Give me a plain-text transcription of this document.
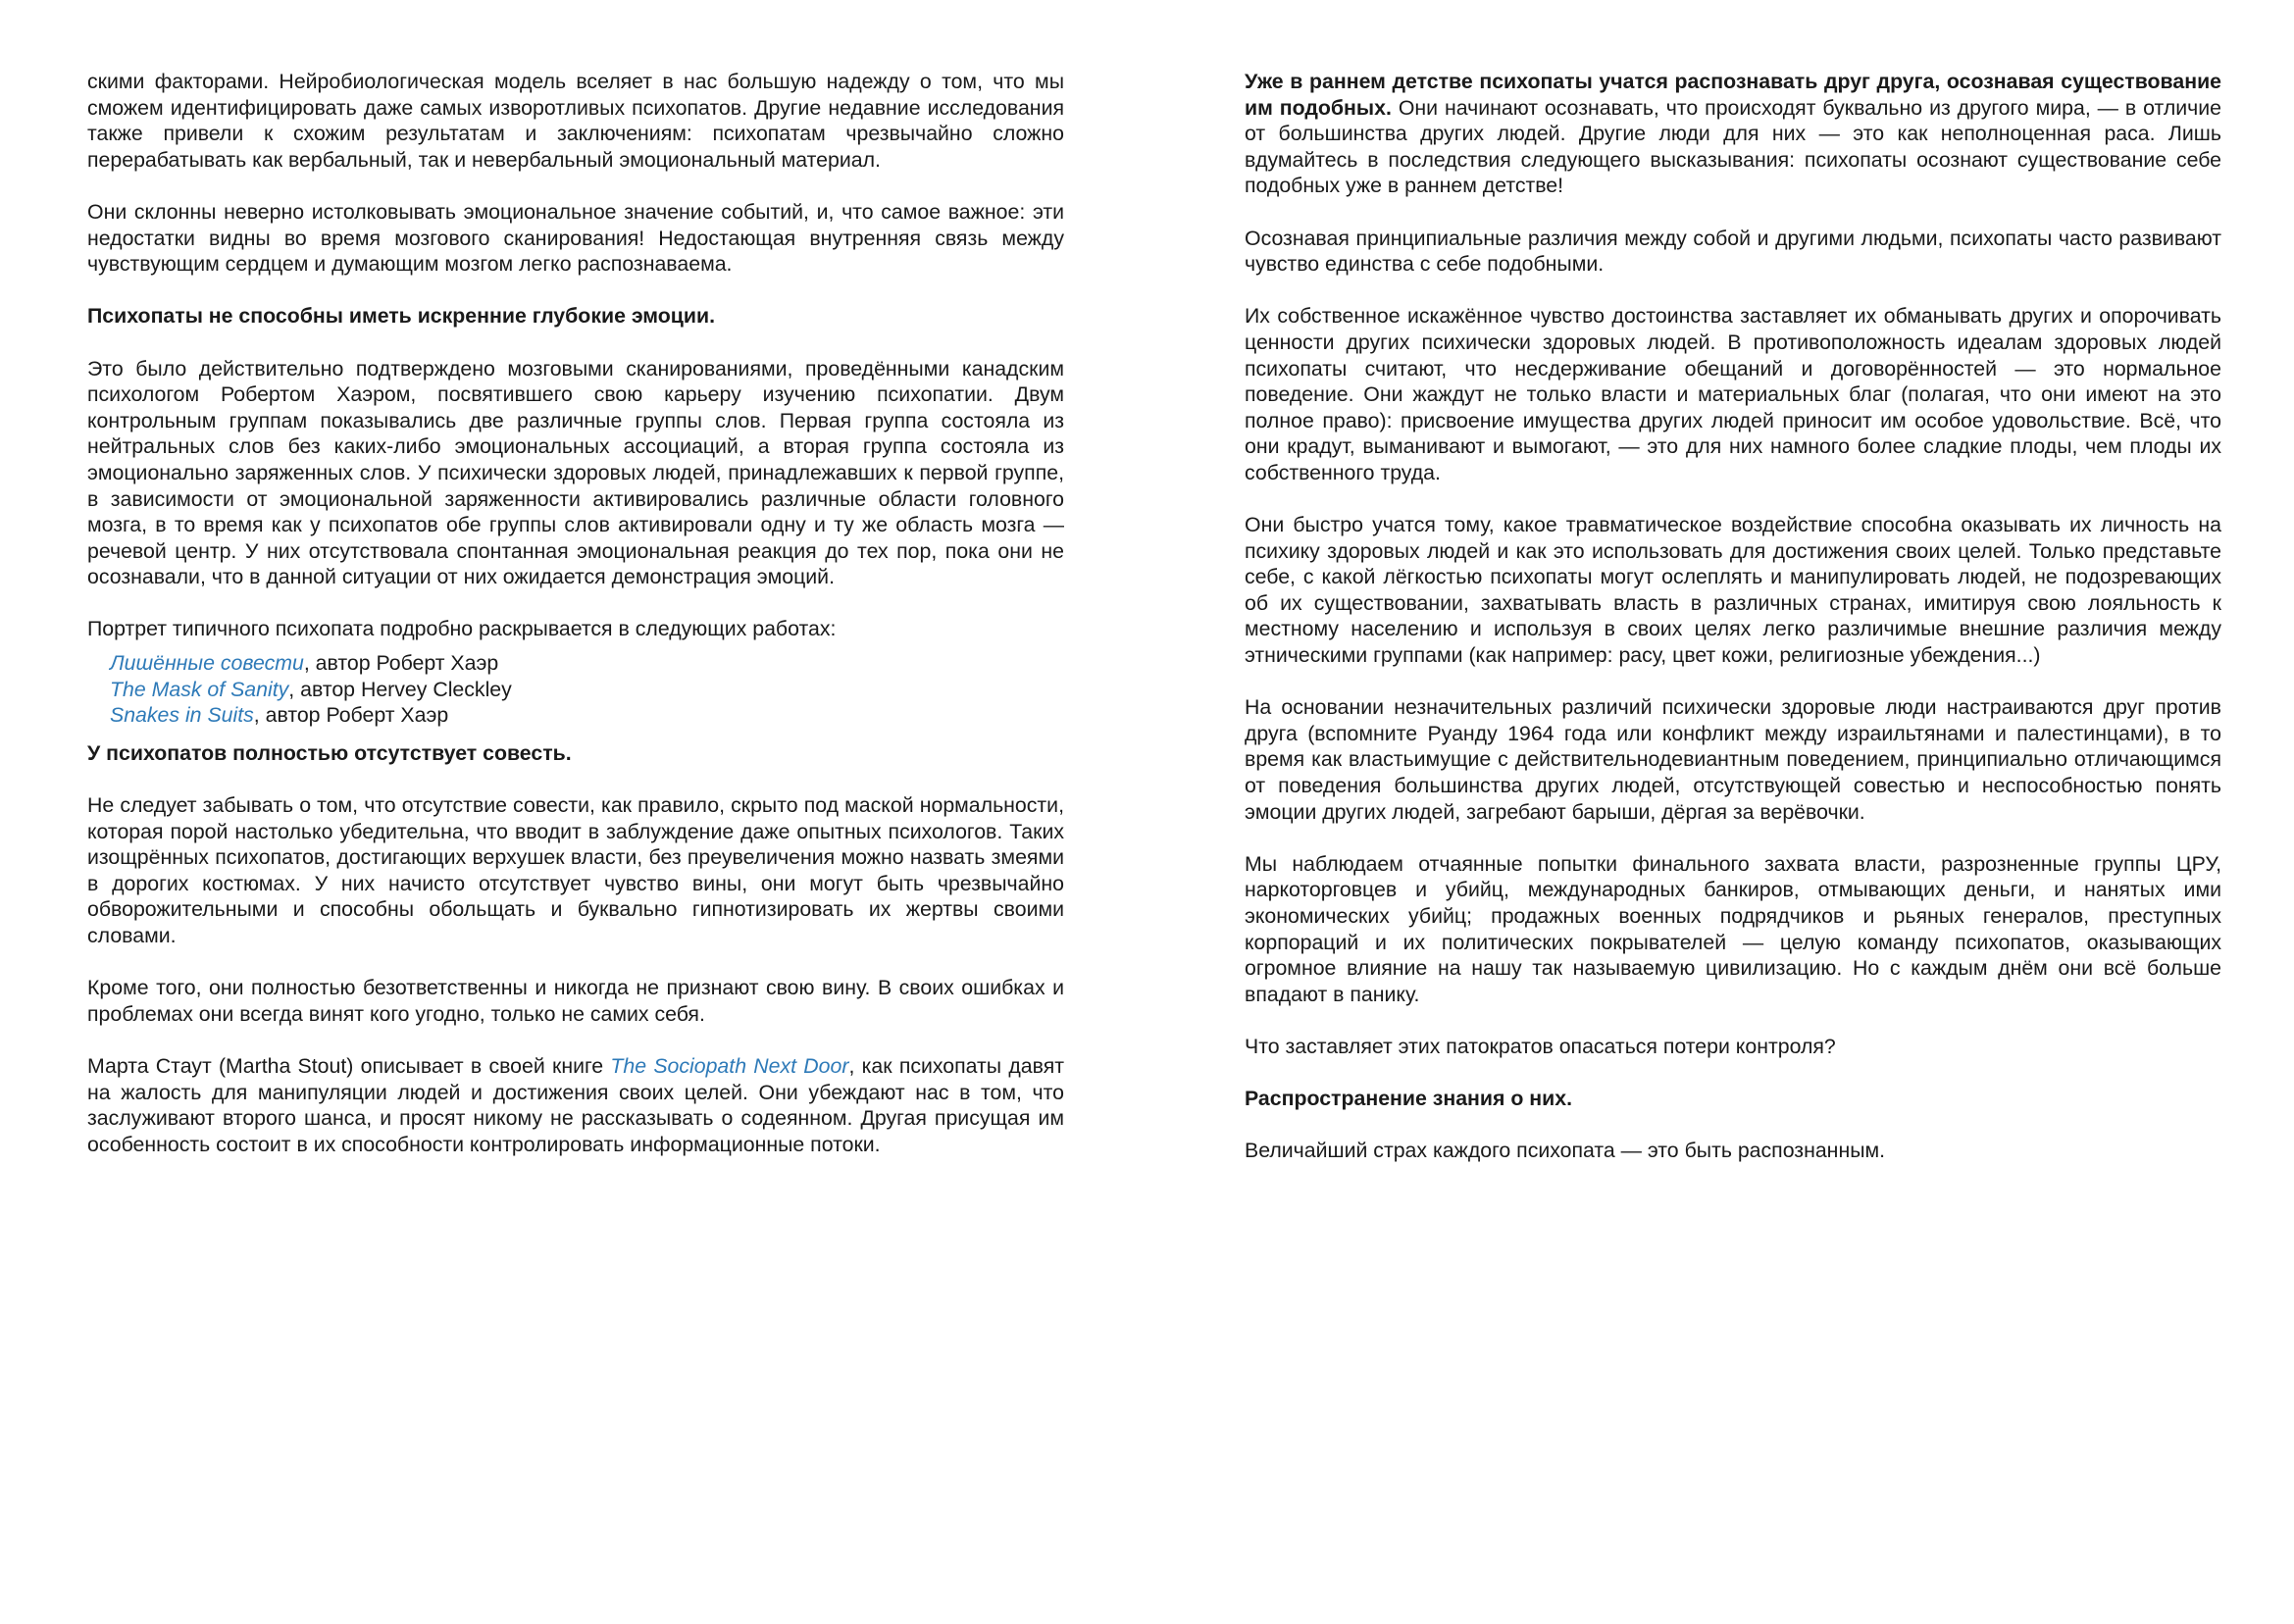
скими факторами. Нейробиологическая модель вселяет в нас большую надежду о том, что мы сможем идентифицировать даже самых изворотливых психопатов. Другие недавние исследования также привели к схожим результатам и заключениям: психопатам чрезвычайно сложно перерабатывать как вербальный, так и невербальный эмоциональный материал.

Они склонны неверно истолковывать эмоциональное значение событий, и, что самое важное: эти недостатки видны во время мозгового сканирования! Недостающая внутренняя связь между чувствующим сердцем и думающим мозгом легко распознаваема.

Психопаты не способны иметь искренние глубокие эмоции.

Это было действительно подтверждено мозговыми сканированиями, проведёнными канадским психологом Робертом Хаэром, посвятившего свою карьеру изучению психопатии. Двум контрольным группам показывались две различные группы слов. Первая группа состояла из нейтральных слов без каких-либо эмоциональных ассоциаций, а вторая группа состояла из эмоционально заряженных слов. У психически здоровых людей, принадлежавших к первой группе, в зависимости от эмоциональной заряженности активировались различные области головного мозга, в то время как у психопатов обе группы слов активировали одну и ту же область мозга — речевой центр. У них отсутствовала спонтанная эмоциональная реакция до тех пор, пока они не осознавали, что в данной ситуации от них ожидается демонстрация эмоций.

Портрет типичного психопата подробно раскрывается в следующих работах:

Лишённые совести, автор Роберт Хаэр
The Mask of Sanity, автор Hervey Cleckley
Snakes in Suits, автор Роберт Хаэр

У психопатов полностью отсутствует совесть.

Не следует забывать о том, что отсутствие совести, как правило, скрыто под маской нормальности, которая порой настолько убедительна, что вводит в заблуждение даже опытных психологов. Таких изощрённых психопатов, достигающих верхушек власти, без преувеличения можно назвать змеями в дорогих костюмах. У них начисто отсутствует чувство вины, они могут быть чрезвычайно обворожительными и способны обольщать и буквально гипнотизировать их жертвы своими словами.

Кроме того, они полностью безответственны и никогда не признают свою вину. В своих ошибках и проблемах они всегда винят кого угодно, только не самих себя.

Марта Стаут (Martha Stout) описывает в своей книге The Sociopath Next Door, как психопаты давят на жалость для манипуляции людей и достижения своих целей. Они убеждают нас в том, что заслуживают второго шанса, и просят никому не рассказывать о содеянном. Другая присущая им особенность состоит в их способности контролировать информационные потоки.

Уже в раннем детстве психопаты учатся распознавать друг друга, осознавая существование им подобных. Они начинают осознавать, что происходят буквально из другого мира, — в отличие от большинства других людей. Другие люди для них — это как неполноценная раса. Лишь вдумайтесь в последствия следующего высказывания: психопаты осознают существование себе подобных уже в раннем детстве!

Осознавая принципиальные различия между собой и другими людьми, психопаты часто развивают чувство единства с себе подобными.

Их собственное искажённое чувство достоинства заставляет их обманывать других и опорочивать ценности других психически здоровых людей. В противоположность идеалам здоровых людей психопаты считают, что несдерживание обещаний и договорённостей — это нормальное поведение. Они жаждут не только власти и материальных благ (полагая, что они имеют на это полное право): присвоение имущества других людей приносит им особое удовольствие. Всё, что они крадут, выманивают и вымогают, — это для них намного более сладкие плоды, чем плоды их собственного труда.

Они быстро учатся тому, какое травматическое воздействие способна оказывать их личность на психику здоровых людей и как это использовать для достижения своих целей. Только представьте себе, с какой лёгкостью психопаты могут ослеплять и манипулировать людей, не подозревающих об их существовании, захватывать власть в различных странах, имитируя свою лояльность к местному населению и используя в своих целях легко различимые внешние различия между этническими группами (как например: расу, цвет кожи, религиозные убеждения...)

На основании незначительных различий психически здоровые люди настраиваются друг против друга (вспомните Руанду 1964 года или конфликт между израильтянами и палестинцами), в то время как властьимущие с действительнодевиантным поведением, принципиально отличающимся от поведения большинства других людей, отсутствующей совестью и неспособностью понять эмоции других людей, загребают барыши, дёргая за верёвочки.

Мы наблюдаем отчаянные попытки финального захвата власти, разрозненные группы ЦРУ, наркоторговцев и убийц, международных банкиров, отмывающих деньги, и нанятых ими экономических убийц; продажных военных подрядчиков и рьяных генералов, преступных корпораций и их политических покрывателей — целую команду психопатов, оказывающих огромное влияние на нашу так называемую цивилизацию. Но с каждым днём они всё больше впадают в панику.

Что заставляет этих патократов опасаться потери контроля?

Распространение знания о них.

Величайший страх каждого психопата — это быть распознанным.
